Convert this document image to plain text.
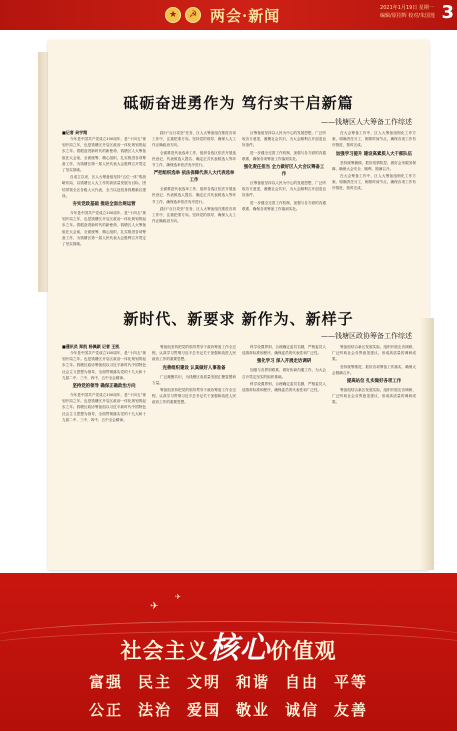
★	☭ 两会·新闻	2021年1月19日 星期一
编辑/原招辉 校对/朱国莲 3
砥砺奋进勇作为 笃行实干启新篇
——钱塘区人大筹备工作综述
■记者 吴宇翔

今年是中国共产党成立100周年，是“十四五”规划开局之年，也是钱塘区开启区政治一体化规划的起步之年。着眼奋进新时代的新使命，钱塘区人大筹备组在大会前，全面统筹、精心组织，扎实推进各项筹备工作，为钱塘区第一届人民代表大会胜利召开奠定了坚实基础。

自成立以来，区人大筹备组坚持“五位一体”的战略布局，以钱塘区人大工作的高质量发展为目标，团结带领全区各级人大代表，全力以赴投身钱塘新区建设。

夯实党政基础 推进全面合规运营

今年是中国共产党成立100周年，是“十四五”规划开局之年，也是钱塘区开启区政治一体化规划的起步之年。着眼奋进新时代的新使命，钱塘区人大筹备组在大会前，全面统筹、精心组织，扎实推进各项筹备工作，为钱塘区第一届人民代表大会胜利召开奠定了坚实基础。

践行“百日攻坚”任务，区人大筹备组在推进各项工作中，注重把准方向。坚持党的领导，确保人大工作正确政治方向。

全面推进代表选举工作，组织各选区依法开展选民登记、代表候选人提名、确定正式代表候选人等环节工作，确保选举依法有序进行。

严把组织选举 依法保障代表人大代表选举工作

全面推进代表选举工作，组织各选区依法开展选民登记、代表候选人提名、确定正式代表候选人等环节工作，确保选举依法有序进行。

践行“百日攻坚”任务，区人大筹备组在推进各项工作中，注重把准方向。坚持党的领导，确保人大工作正确政治方向。

区筹备组坚持以人民为中心的发展思想，广泛听取各方意见，凝聚社会共识，为大会顺利召开创造良好条件。

进一步健全完善工作机制，加强与各方面的沟通联系，确保各项筹备工作落到实处。

强化责任担当 全力做好区人大会议筹备工作

区筹备组坚持以人民为中心的发展思想，广泛听取各方意见，凝聚社会共识，为大会顺利召开创造良好条件。

进一步健全完善工作机制，加强与各方面的沟通联系，确保各项筹备工作落到实处。

在大会筹备工作中，区人大筹备组细化工作方案，明确责任分工，倒排时间节点，确保各项工作有序推进、按时完成。

加强学习提升 建设高素质人大干部队伍

坚持统筹兼顾，抓好疫情防控，做好会务服务保障，确保大会安全、顺利、圆满召开。

在大会筹备工作中，区人大筹备组细化工作方案，明确责任分工，倒排时间节点，确保各项工作有序推进、按时完成。

新时代、新要求 新作为、新样子
——钱塘区政协筹备工作综述
■通讯员 郑凯 杨佩颖 记者 王凯

今年是中国共产党成立100周年，是“十四五”规划开局之年。也是钱塘区开启区政治一体化规划的起步之年。钱塘区政协筹备组以习近平新时代中国特色社会主义思想为指导，全面贯彻落实党的十九大和十九届二中、三中、四中、五中全会精神。

坚持党的领导 确保正确政治方向

今年是中国共产党成立100周年，是“十四五”规划开局之年。也是钱塘区开启区政治一体化规划的起步之年。钱塘区政协筹备组以习近平新时代中国特色社会主义思想为指导，全面贯彻落实党的十九大和十九届二中、三中、四中、五中全会精神。

筹备组坚持把党的领导贯穿于政协筹备工作全过程，认真学习贯彻习近平总书记关于加强和改进人民政协工作的重要思想。

完善组织建设 认真做好人事准备

广泛凝聚共识，为钱塘区高质量发展汇聚智慧和力量。

筹备组坚持把党的领导贯穿于政协筹备工作全过程，认真学习贯彻习近平总书记关于加强和改进人民政协工作的重要思想。

科学设置界别，合理确定委员名额，严格委员人选推荐标准和程序，确保委员的代表性和广泛性。

强化学习 深入开展走访调研

加强与各界别联系，做好协商沟通工作，为大会召开奠定坚实的组织基础。

科学设置界别，合理确定委员名额，严格委员人选推荐标准和程序，确保委员的代表性和广泛性。

筹备组结合新区发展实际，组织开展走访调研，广泛听取社会各界意见建议，形成高质量的调研成果。

坚持统筹推进，抓好各项筹备工作落实，确保大会圆满召开。

提高站位 扎实做好各项工作

筹备组结合新区发展实际，组织开展走访调研，广泛听取社会各界意见建议，形成高质量的调研成果。

✈
✈
社会主义核心价值观
富强 民主 文明 和谐 自由 平等
公正 法治 爱国 敬业 诚信 友善
